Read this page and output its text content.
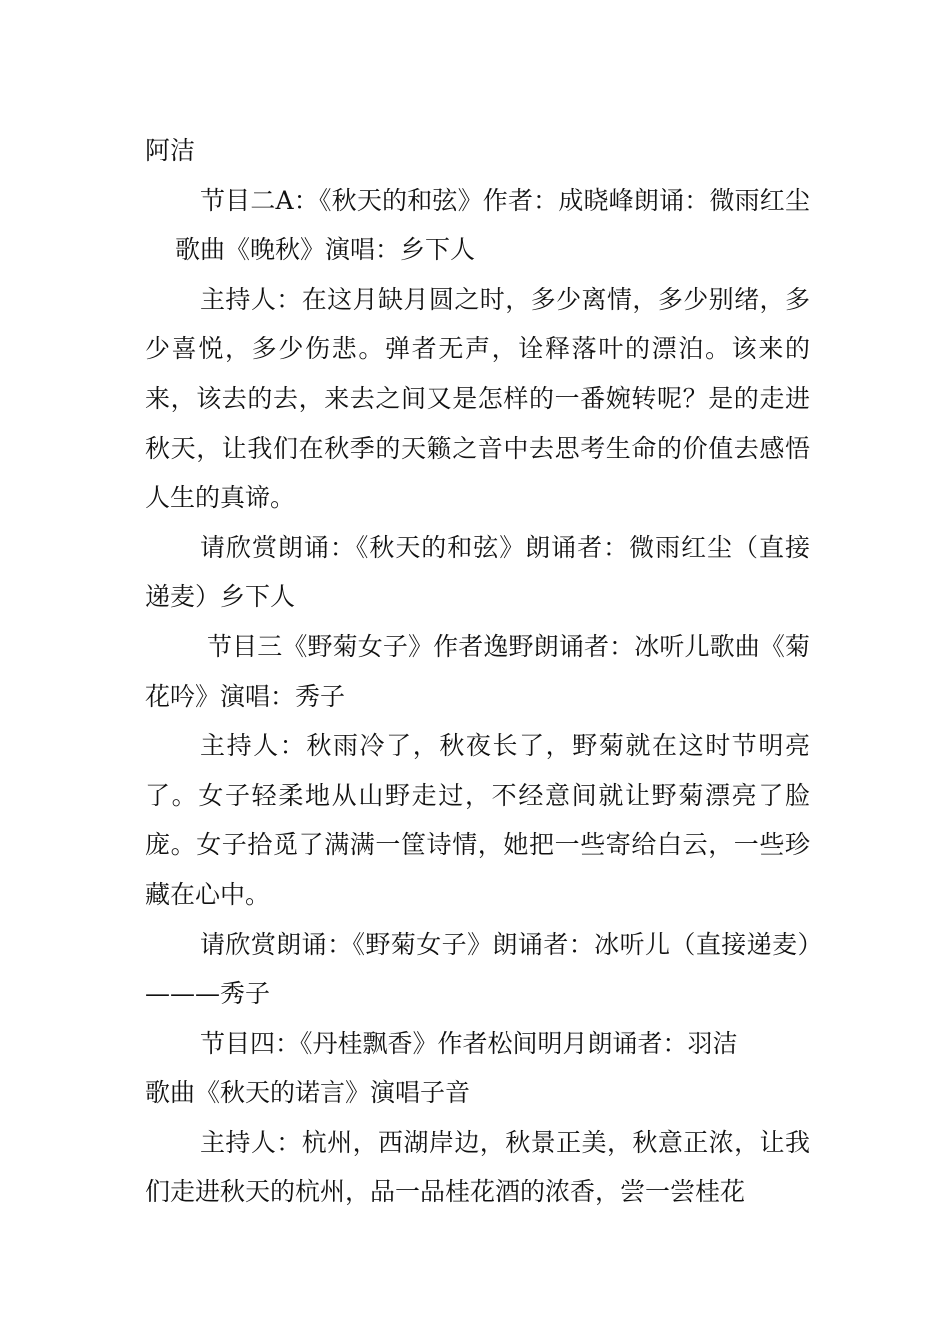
阿洁

节目二A：《秋天的和弦》作者：成晓峰朗诵：微雨红尘歌曲《晚秋》演唱：乡下人

主持人：在这月缺月圆之时，多少离情，多少别绪，多少喜悦，多少伤悲。弹者无声，诠释落叶的漂泊。该来的来，该去的去，来去之间又是怎样的一番婉转呢？是的走进秋天，让我们在秋季的天籁之音中去思考生命的价值去感悟人生的真谛。

请欣赏朗诵：《秋天的和弦》朗诵者：微雨红尘（直接递麦）乡下人

节目三《野菊女子》作者逸野朗诵者：冰听儿歌曲《菊花吟》演唱：秀子

主持人：秋雨冷了，秋夜长了，野菊就在这时节明亮了。女子轻柔地从山野走过，不经意间就让野菊漂亮了脸庞。女子拾觅了满满一筐诗情，她把一些寄给白云，一些珍藏在心中。

请欣赏朗诵：《野菊女子》朗诵者：冰听儿（直接递麦）———秀子

节目四：《丹桂飘香》作者松间明月朗诵者：羽洁

歌曲《秋天的诺言》演唱子音

主持人：杭州，西湖岸边，秋景正美，秋意正浓，让我们走进秋天的杭州，品一品桂花酒的浓香，尝一尝桂花
